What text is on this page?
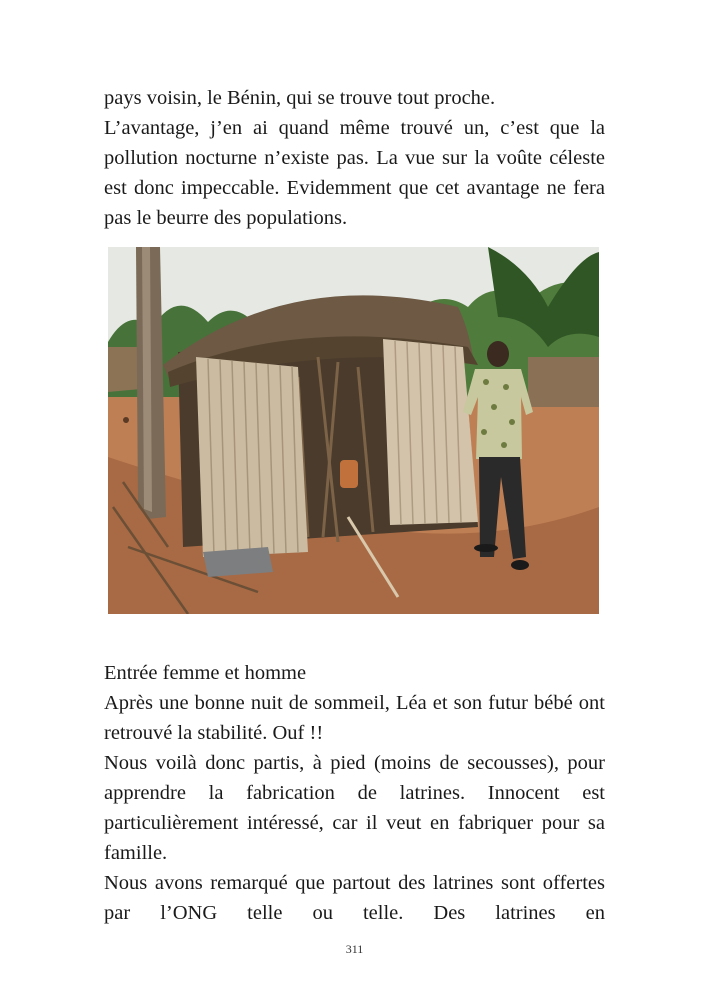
pays voisin, le Bénin, qui se trouve tout proche.

L’avantage, j’en ai quand même trouvé un, c’est que la pollution nocturne n’existe pas. La vue sur la voûte céleste est donc impeccable. Evidemment que cet avantage ne fera pas le beurre des populations.

Entrée femme et homme

Après une bonne nuit de sommeil, Léa et son futur bébé ont retrouvé la stabilité. Ouf !!

Nous voilà donc partis, à pied (moins de secousses), pour apprendre la fabrication de latrines. Innocent est particulièrement intéressé, car il veut en fabriquer pour sa famille.

Nous avons remarqué que partout des latrines sont offertes par l’ONG telle ou telle. Des latrines en

311
